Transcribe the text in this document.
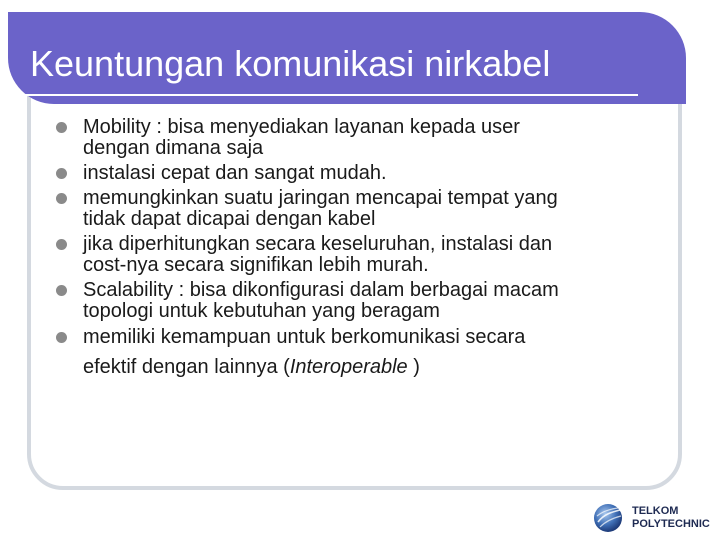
Keuntungan komunikasi nirkabel
Mobility : bisa menyediakan layanan kepada user
dengan dimana saja
instalasi cepat dan sangat mudah.
memungkinkan suatu jaringan mencapai tempat yang
tidak dapat dicapai dengan kabel
jika diperhitungkan secara keseluruhan, instalasi dan
cost-nya secara signifikan lebih murah.
Scalability : bisa dikonfigurasi dalam berbagai macam
topologi untuk kebutuhan yang beragam
memiliki kemampuan untuk berkomunikasi secara
efektif dengan lainnya (Interoperable )
TELKOM
POLYTECHNIC
